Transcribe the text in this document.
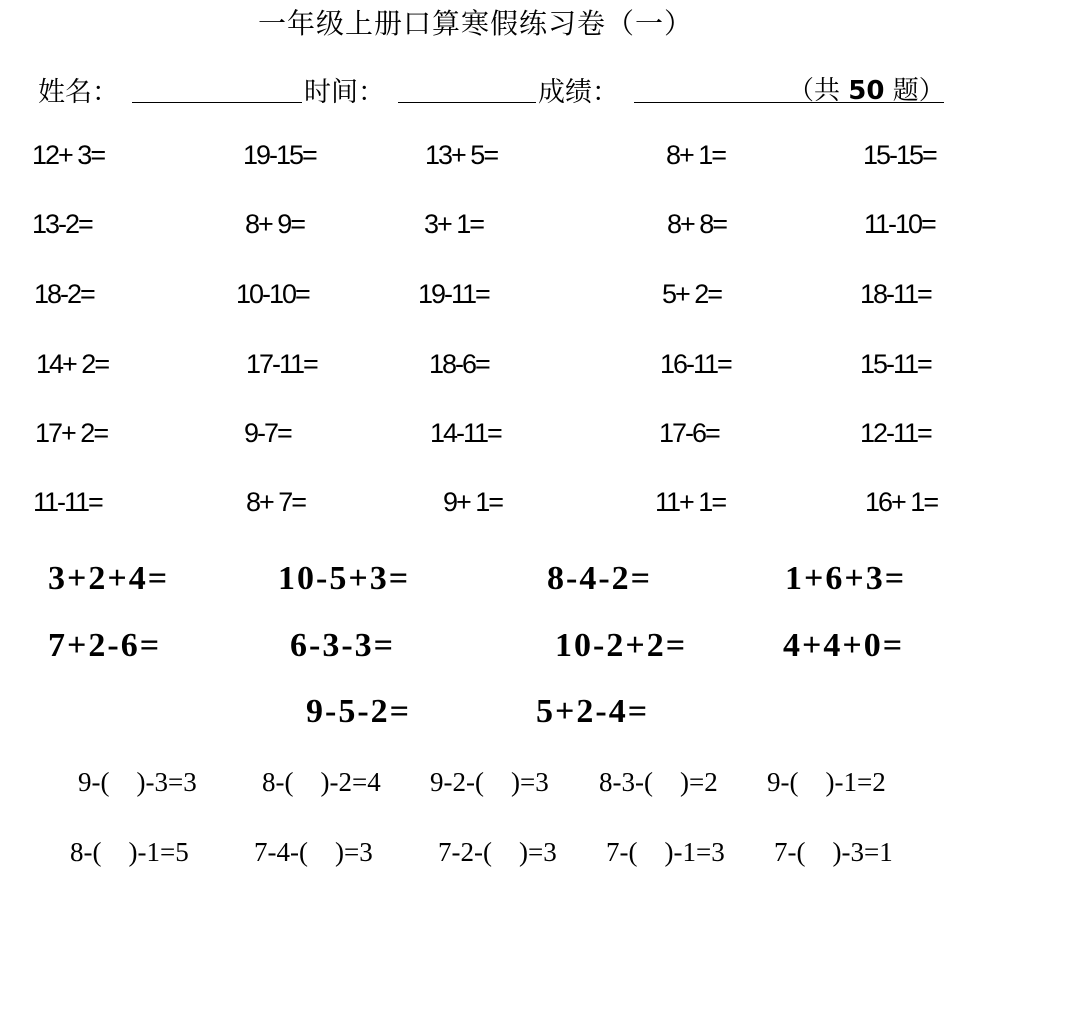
一年级上册口算寒假练习卷（一）
姓名：	时间：	成绩：	（共 50 题）
12+ 3=	19-15=	13+ 5=	8+ 1=	15-15=
13-2=	8+ 9=	3+ 1=	8+ 8=	11-10=
18-2=	10-10=	19-11=	5+ 2=	18-11=
14+ 2=	17-11=	18-6=	16-11=	15-11=
17+ 2=	9-7=	14-11=	17-6=	12-11=
11-11=	8+ 7=	9+ 1=	11+ 1=	16+ 1=
3+2+4=	10-5+3=	8-4-2=	1+6+3=
7+2-6=	6-3-3=	10-2+2=	4+4+0=
9-5-2=	5+2-4=
9-(　)-3=3 8-(　)-2=4 9-2-(　)=3 8-3-(　)=2 9-(　)-1=2
8-(　)-1=5 7-4-(　)=3 7-2-(　)=3 7-(　)-1=3 7-(　)-3=1
